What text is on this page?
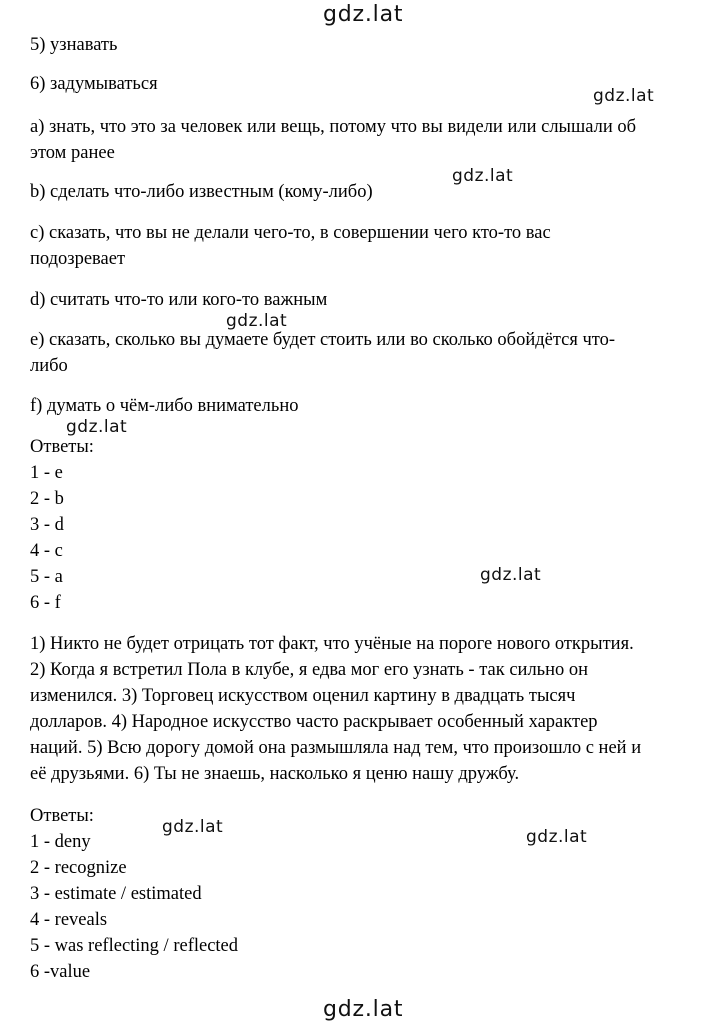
gdz.lat
gdz.lat
gdz.lat
gdz.lat
gdz.lat
gdz.lat
gdz.lat	gdz.lat
gdz.lat

5) узнавать

6) задумываться

a) знать, что это за человек или вещь, потому что вы видели или слышали об

этом ранее

b) сделать что-либо известным (кому-либо)

c) сказать, что вы не делали чего-то, в совершении чего кто-то вас

подозревает

d) считать что-то или кого-то важным

e) сказать, сколько вы думаете будет стоить или во сколько обойдётся что-

либо

f) думать о чём-либо внимательно

Ответы:

1 - e

2 - b

3 - d

4 - c

5 - a

6 - f

1) Никто не будет отрицать тот факт, что учёные на пороге нового открытия.

2) Когда я встретил Пола в клубе, я едва мог его узнать - так сильно он

изменился. 3) Торговец искусством оценил картину в двадцать тысяч

долларов. 4) Народное искусство часто раскрывает особенный характер

наций. 5) Всю дорогу домой она размышляла над тем, что произошло с ней и

её друзьями. 6) Ты не знаешь, насколько я ценю нашу дружбу.

Ответы:

1 - deny

2 - recognize

3 - estimate / estimated

4 - reveals

5 - was reflecting / reflected

6 -value
